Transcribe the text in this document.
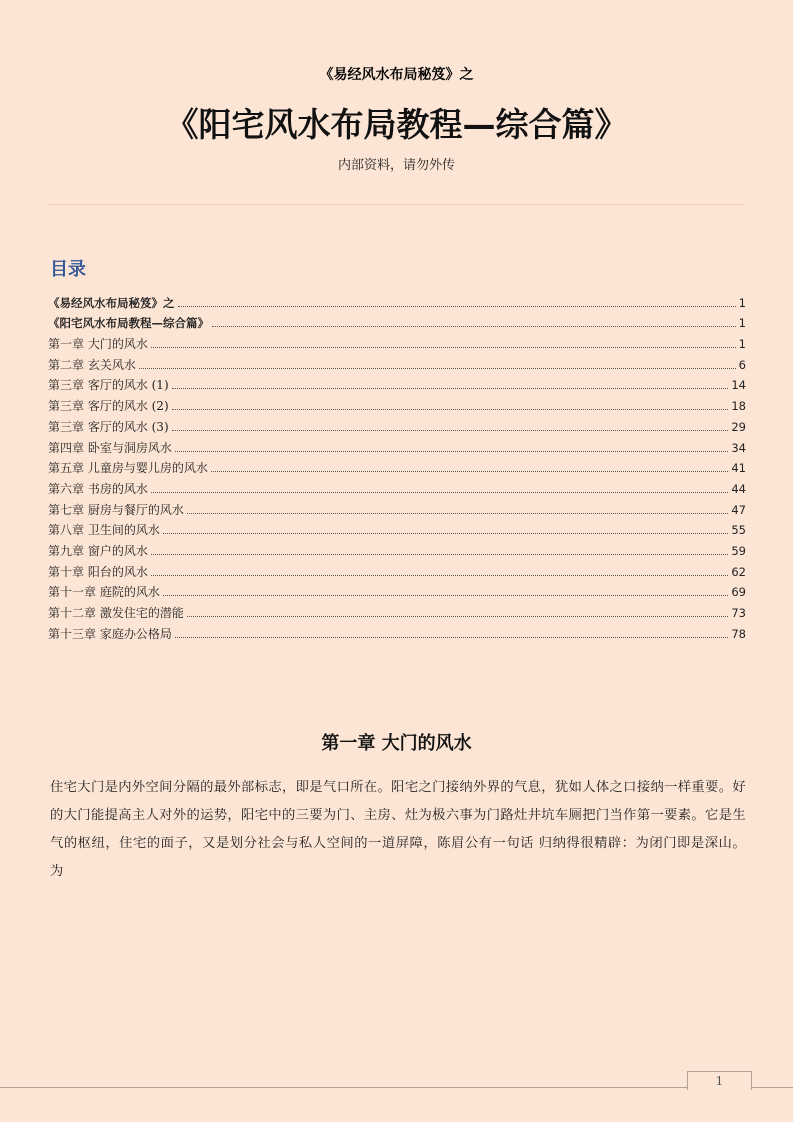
《易经风水布局秘笈》之
《阳宅风水布局教程—综合篇》
内部资料，请勿外传
目录
《易经风水布局秘笈》之	1
《阳宅风水布局教程—综合篇》	1
第一章 大门的风水	1
第二章 玄关风水	6
第三章 客厅的风水 (1)	14
第三章 客厅的风水 (2)	18
第三章 客厅的风水 (3)	29
第四章 卧室与洞房风水	34
第五章 儿童房与婴儿房的风水	41
第六章 书房的风水	44
第七章 厨房与餐厅的风水	47
第八章 卫生间的风水	55
第九章 窗户的风水	59
第十章 阳台的风水	62
第十一章 庭院的风水	69
第十二章 激发住宅的潜能	73
第十三章 家庭办公格局	78
第一章 大门的风水
住宅大门是内外空间分隔的最外部标志，即是气口所在。阳宅之门接纳外界的气息，犹如人体之口接纳一样重要。好的大门能提高主人对外的运势，阳宅中的三要为门、主房、灶为极六事为门路灶井坑车厕把门当作第一要素。它是生气的枢纽，住宅的面子，又是划分社会与私人空间的一道屏障，陈眉公有一句话 归纳得很精辟：为闭门即是深山。为
1
